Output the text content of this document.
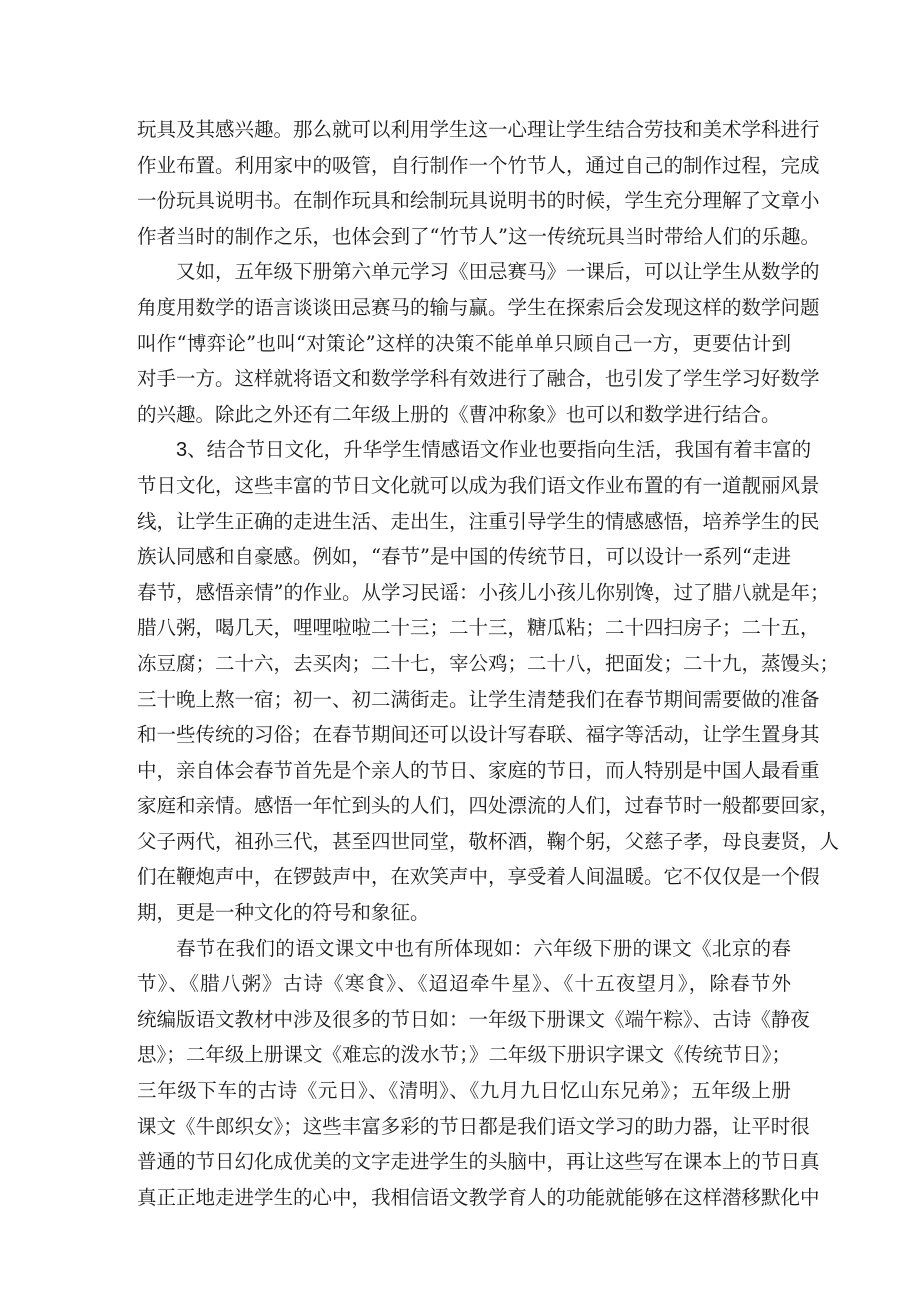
玩具及其感兴趣。那么就可以利用学生这一心理让学生结合劳技和美术学科进行
作业布置。利用家中的吸管，自行制作一个竹节人，通过自己的制作过程，完成
一份玩具说明书。在制作玩具和绘制玩具说明书的时候，学生充分理解了文章小
作者当时的制作之乐，也体会到了“竹节人”这一传统玩具当时带给人们的乐趣。
又如，五年级下册第六单元学习《田忌赛马》一课后，可以让学生从数学的
角度用数学的语言谈谈田忌赛马的输与赢。学生在探索后会发现这样的数学问题
叫作“博弈论”也叫“对策论”这样的决策不能单单只顾自己一方，更要估计到
对手一方。这样就将语文和数学学科有效进行了融合，也引发了学生学习好数学
的兴趣。除此之外还有二年级上册的《曹冲称象》也可以和数学进行结合。
3、结合节日文化，升华学生情感语文作业也要指向生活，我国有着丰富的
节日文化，这些丰富的节日文化就可以成为我们语文作业布置的有一道靓丽风景
线，让学生正确的走进生活、走出生，注重引导学生的情感感悟，培养学生的民
族认同感和自豪感。例如，“春节”是中国的传统节日，可以设计一系列“走进
春节，感悟亲情”的作业。从学习民谣：小孩儿小孩儿你别馋，过了腊八就是年；
腊八粥，喝几天，哩哩啦啦二十三；二十三，糖瓜粘；二十四扫房子；二十五，
冻豆腐；二十六，去买肉；二十七，宰公鸡；二十八，把面发；二十九，蒸馒头；
三十晚上熬一宿；初一、初二满街走。让学生清楚我们在春节期间需要做的准备
和一些传统的习俗；在春节期间还可以设计写春联、福字等活动，让学生置身其
中，亲自体会春节首先是个亲人的节日、家庭的节日，而人特别是中国人最看重
家庭和亲情。感悟一年忙到头的人们，四处漂流的人们，过春节时一般都要回家，
父子两代，祖孙三代，甚至四世同堂，敬杯酒，鞠个躬，父慈子孝，母良妻贤，人
们在鞭炮声中，在锣鼓声中，在欢笑声中，享受着人间温暖。它不仅仅是一个假
期，更是一种文化的符号和象征。
春节在我们的语文课文中也有所体现如：六年级下册的课文《北京的春
节》、《腊八粥》古诗《寒食》、《迢迢牵牛星》、《十五夜望月》，除春节外
统编版语文教材中涉及很多的节日如：一年级下册课文《端午粽》、古诗《静夜
思》；二年级上册课文《难忘的泼水节；》二年级下册识字课文《传统节日》；
三年级下车的古诗《元日》、《清明》、《九月九日忆山东兄弟》；五年级上册
课文《牛郎织女》；这些丰富多彩的节日都是我们语文学习的助力器，让平时很
普通的节日幻化成优美的文字走进学生的头脑中，再让这些写在课本上的节日真
真正正地走进学生的心中，我相信语文教学育人的功能就能够在这样潜移默化中
